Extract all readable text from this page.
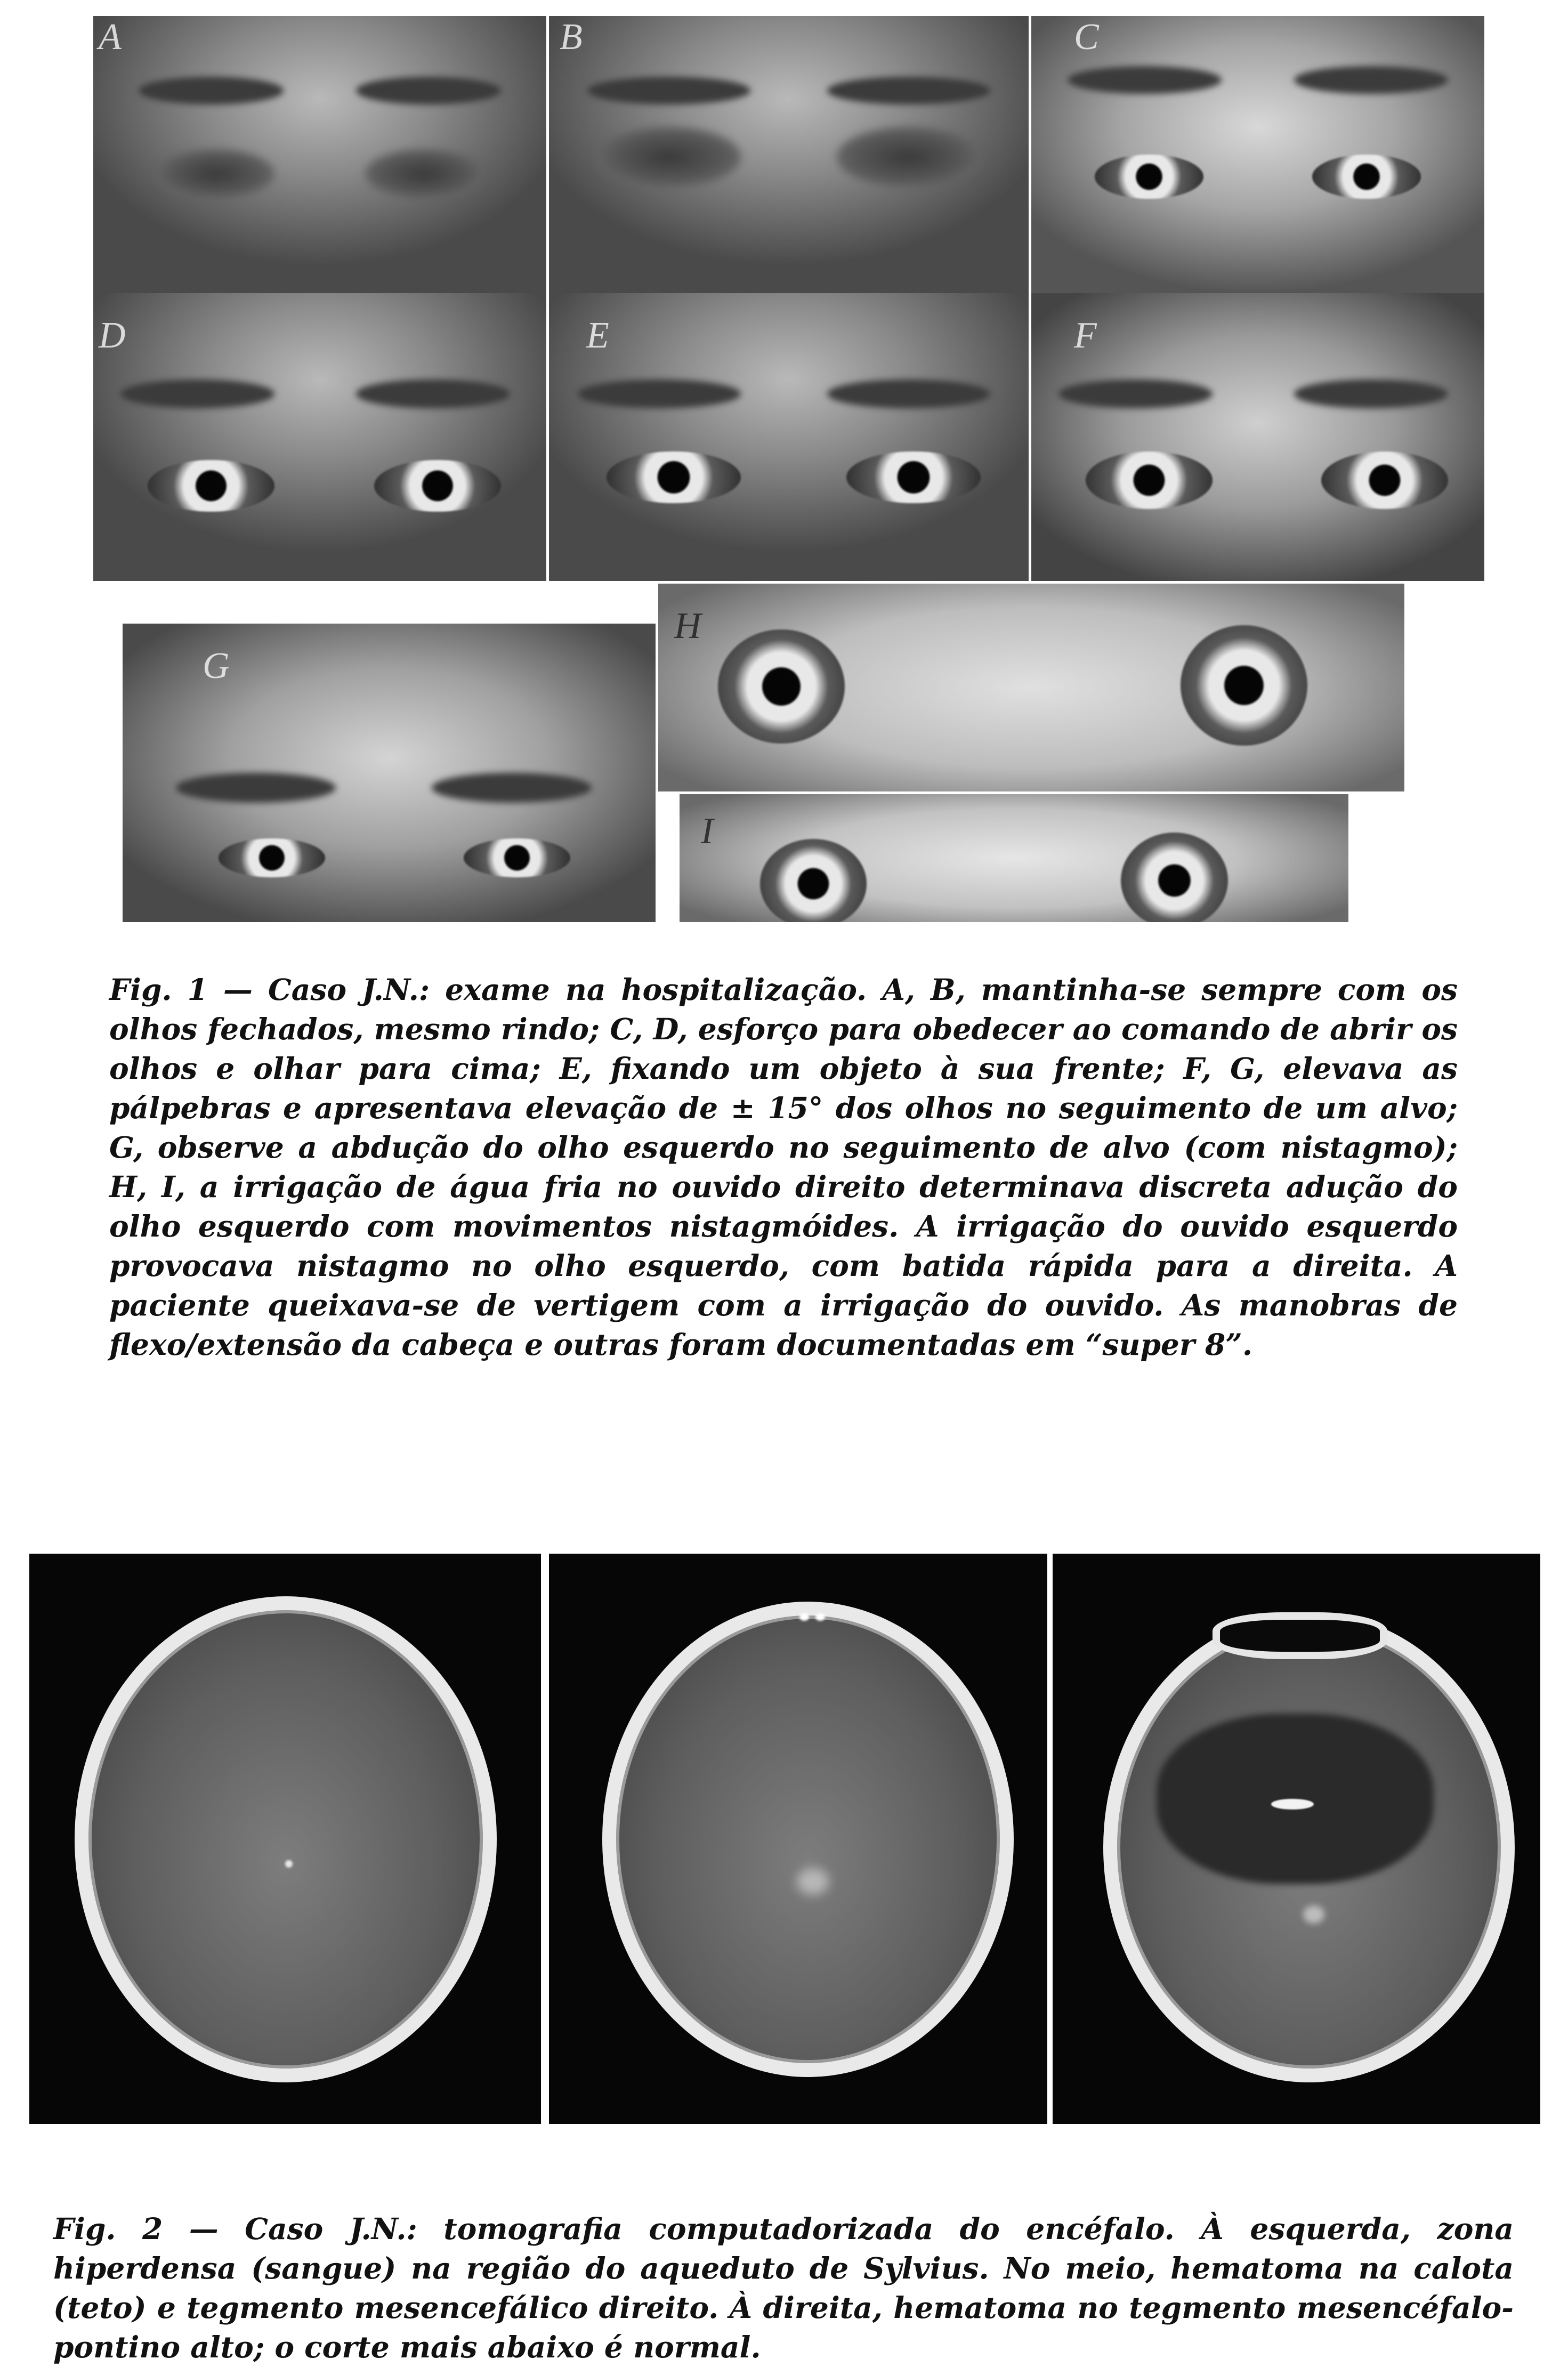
A	B	C
D	E	F
G
H
I
Fig. 1 — Caso J.N.: exame na hospitalização. A, B, mantinha-se sempre com os olhos fechados, mesmo rindo; C, D, esforço para obedecer ao comando de abrir os olhos e olhar para cima; E, fixando um objeto à sua frente; F, G, elevava as pálpebras e apresentava elevação de ± 15° dos olhos no seguimento de um alvo; G, observe a abdução do olho esquerdo no seguimento de alvo (com nistagmo); H, I, a irrigação de água fria no ouvido direito determinava discreta adução do olho esquerdo com movimentos nistagmóides. A irrigação do ouvido esquerdo provocava nistagmo no olho esquerdo, com batida rápida para a direita. A paciente queixava-se de vertigem com a irrigação do ouvido. As manobras de flexo/extensão da cabeça e outras foram documentadas em “super 8”.
Fig. 2 — Caso J.N.: tomografia computadorizada do encéfalo. À esquerda, zona hiperdensa (sangue) na região do aqueduto de Sylvius. No meio, hematoma na calota (teto) e tegmento mesencefálico direito. À direita, hematoma no tegmento mesencéfalo-pontino alto; o corte mais abaixo é normal.
